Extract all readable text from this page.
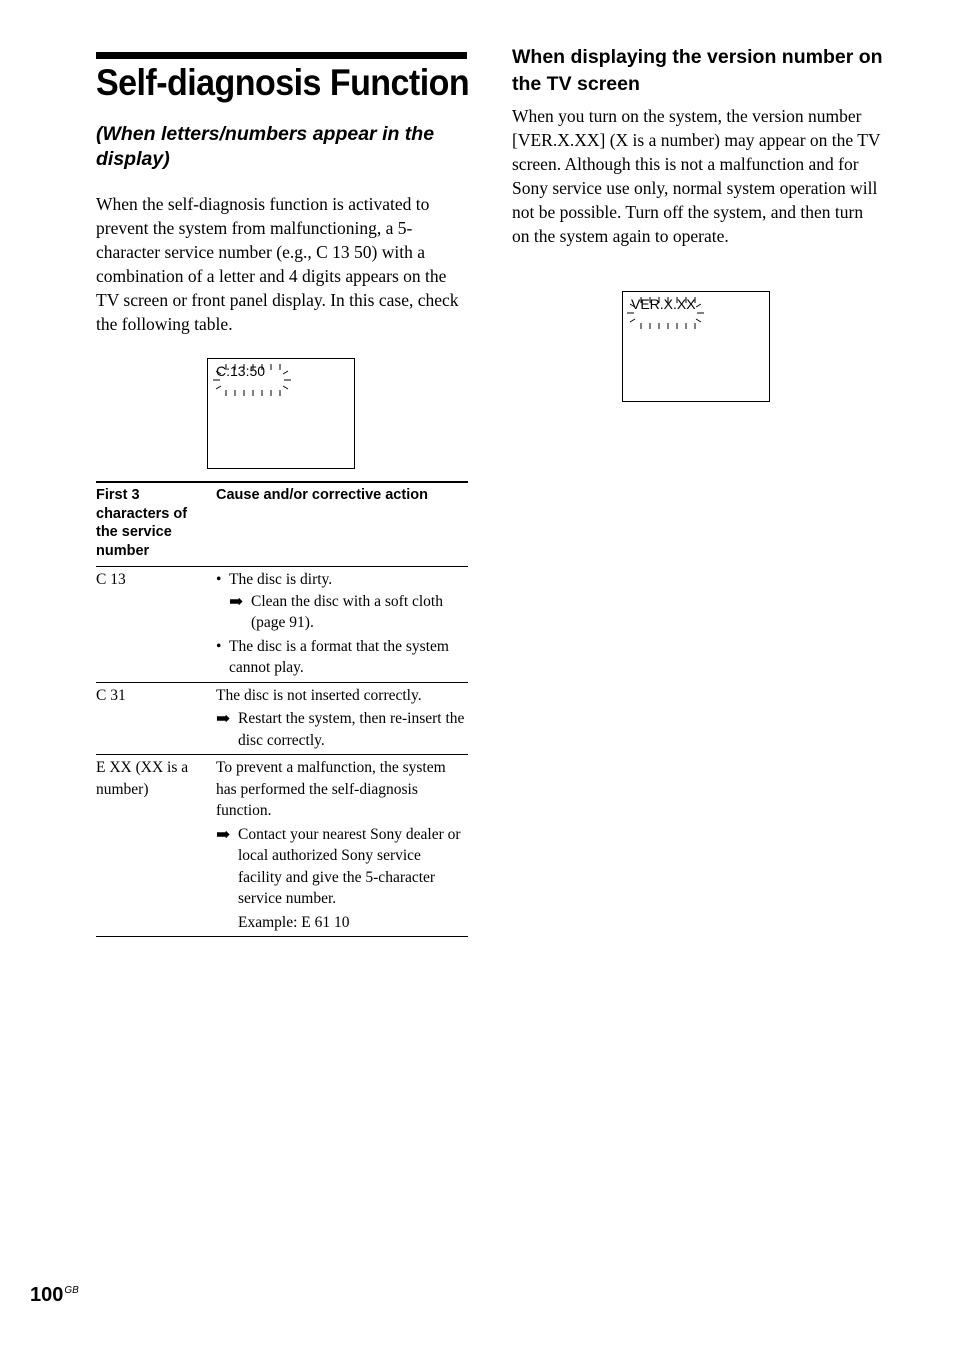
Self-diagnosis Function
(When letters/numbers appear in the display)

When the self-diagnosis function is activated to prevent the system from malfunctioning, a 5-character service number (e.g., C 13 50) with a combination of a letter and 4 digits appears on the TV screen or front panel display. In this case, check the following table.

C:13:50
First 3 characters of the service number
Cause and/or corrective action
C 13
•	The disc is dirty.
➡ Clean the disc with a soft cloth (page 91).
• The disc is a format that the system cannot play.
C 31	The disc is not inserted correctly.
➡ Restart the system, then re-insert the disc correctly.
E XX (XX is a number)
To prevent a malfunction, the system has performed the self-diagnosis function.
➡ Contact your nearest Sony dealer or local authorized Sony service facility and give the 5-character service number.
Example: E 61 10
When displaying the version number on the TV screen

When you turn on the system, the version number [VER.X.XX] (X is a number) may appear on the TV screen. Although this is not a malfunction and for Sony service use only, normal system operation will not be possible. Turn off the system, and then turn on the system again to operate.

VER.X.XX
$100^{GB}$
